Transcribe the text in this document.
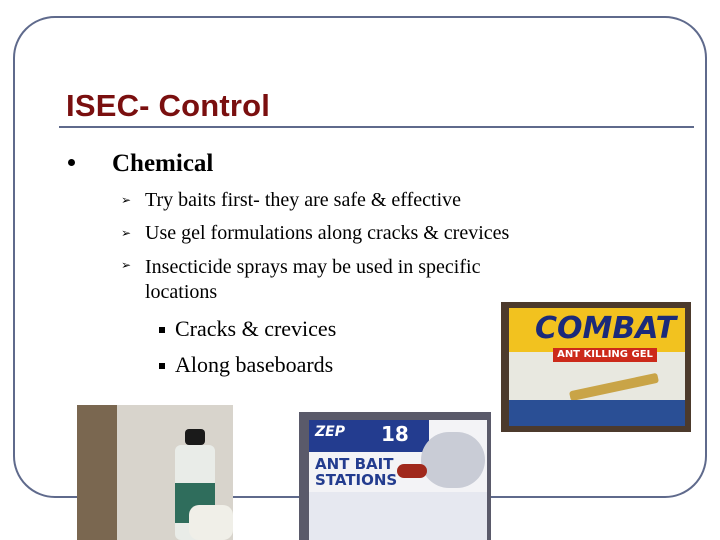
ISEC- Control
Chemical
➢ Try baits first- they are safe & effective
➢ Use gel formulations along cracks & crevices
➢ Insecticide sprays may be used in specific locations
Cracks & crevices
Along baseboards
COMBAT
ANT KILLING GEL
ZEP 18
ANT BAIT STATIONS
